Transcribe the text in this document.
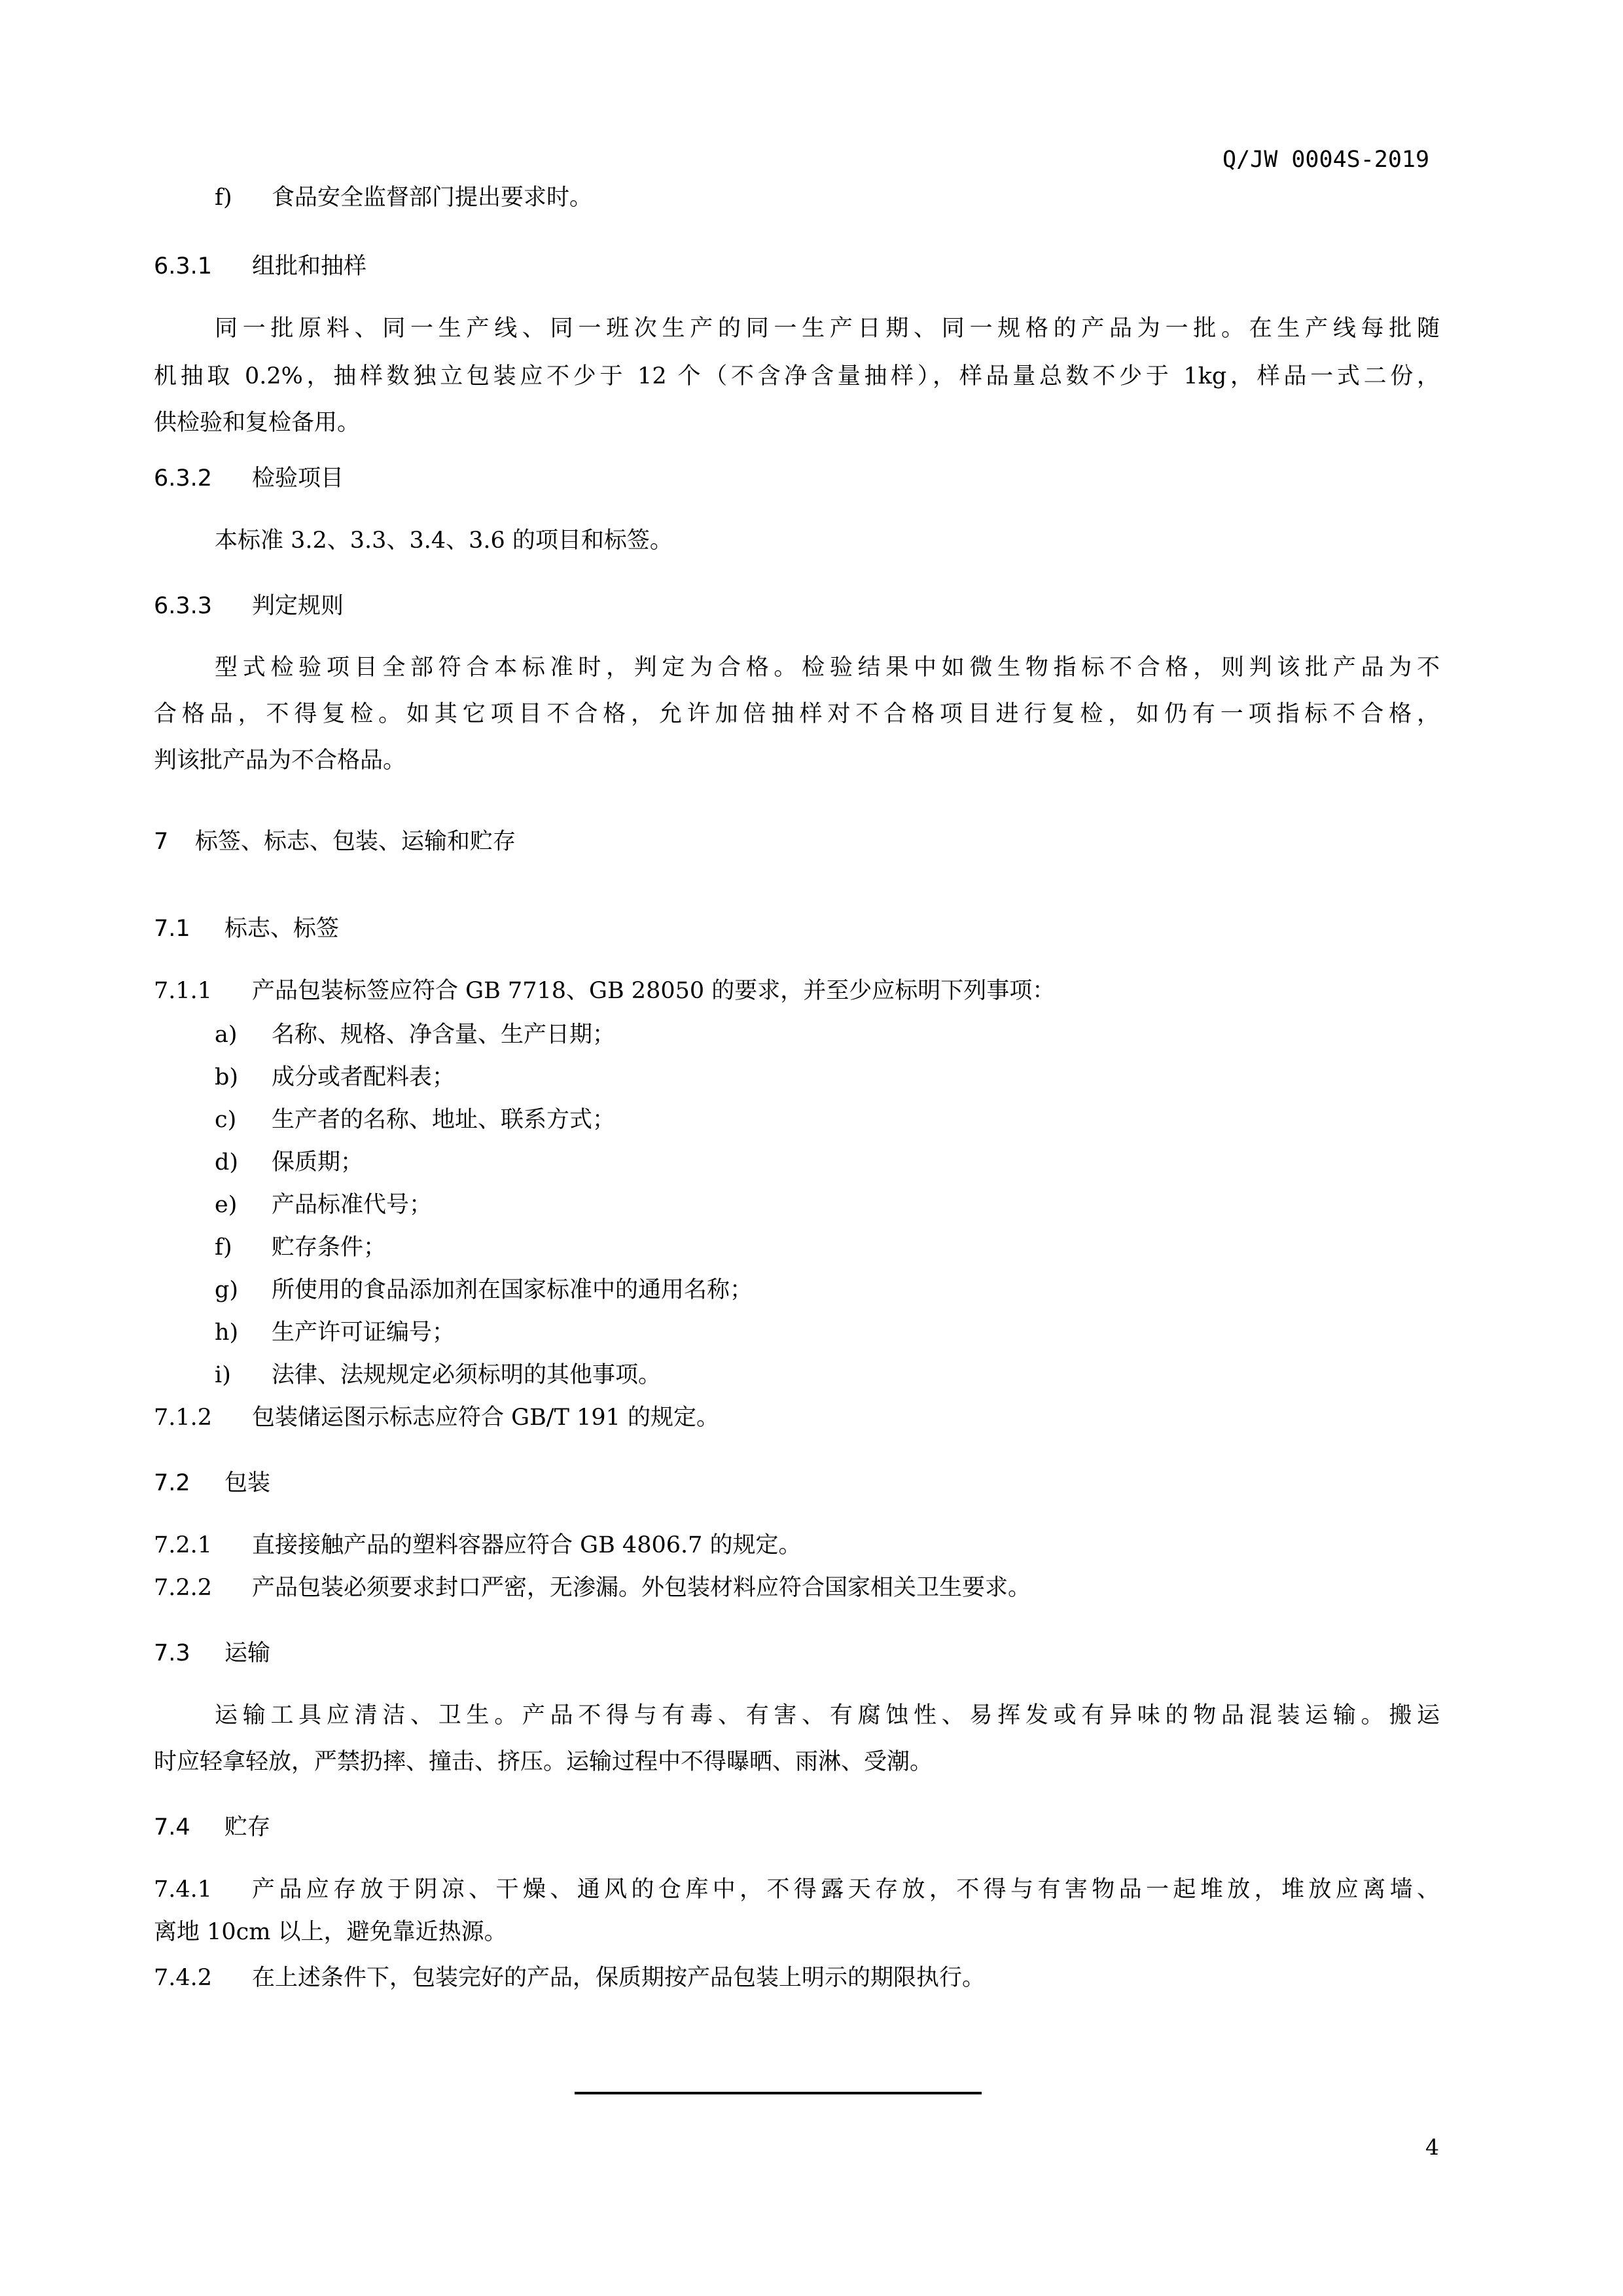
Q/JW 0004S-2019
f) 食品安全监督部门提出要求时。
6.3.1 组批和抽样
同一批原料、同一生产线、同一班次生产的同一生产日期、同一规格的产品为一批。在生产线每批随
机抽取 0.2%，抽样数独立包装应不少于 12 个（不含净含量抽样），样品量总数不少于 1kg，样品一式二份，
供检验和复检备用。
6.3.2 检验项目
本标准 3.2、3.3、3.4、3.6 的项目和标签。
6.3.3 判定规则
型式检验项目全部符合本标准时，判定为合格。检验结果中如微生物指标不合格，则判该批产品为不
合格品，不得复检。如其它项目不合格，允许加倍抽样对不合格项目进行复检，如仍有一项指标不合格，
判该批产品为不合格品。
7 标签、标志、包装、运输和贮存
7.1 标志、标签
7.1.1 产品包装标签应符合 GB 7718、GB 28050 的要求，并至少应标明下列事项：
a) 名称、规格、净含量、生产日期；
b) 成分或者配料表；
c) 生产者的名称、地址、联系方式；
d) 保质期；
e) 产品标准代号；
f) 贮存条件；
g) 所使用的食品添加剂在国家标准中的通用名称；
h) 生产许可证编号；
i) 法律、法规规定必须标明的其他事项。
7.1.2 包装储运图示标志应符合 GB/T 191 的规定。
7.2 包装
7.2.1 直接接触产品的塑料容器应符合 GB 4806.7 的规定。
7.2.2 产品包装必须要求封口严密，无渗漏。外包装材料应符合国家相关卫生要求。
7.3 运输
运输工具应清洁、卫生。产品不得与有毒、有害、有腐蚀性、易挥发或有异味的物品混装运输。搬运
时应轻拿轻放，严禁扔摔、撞击、挤压。运输过程中不得曝晒、雨淋、受潮。
7.4 贮存
7.4.1 产品应存放于阴凉、干燥、通风的仓库中，不得露天存放，不得与有害物品一起堆放，堆放应离墙、
离地 10cm 以上，避免靠近热源。
7.4.2 在上述条件下，包装完好的产品，保质期按产品包装上明示的期限执行。
4
